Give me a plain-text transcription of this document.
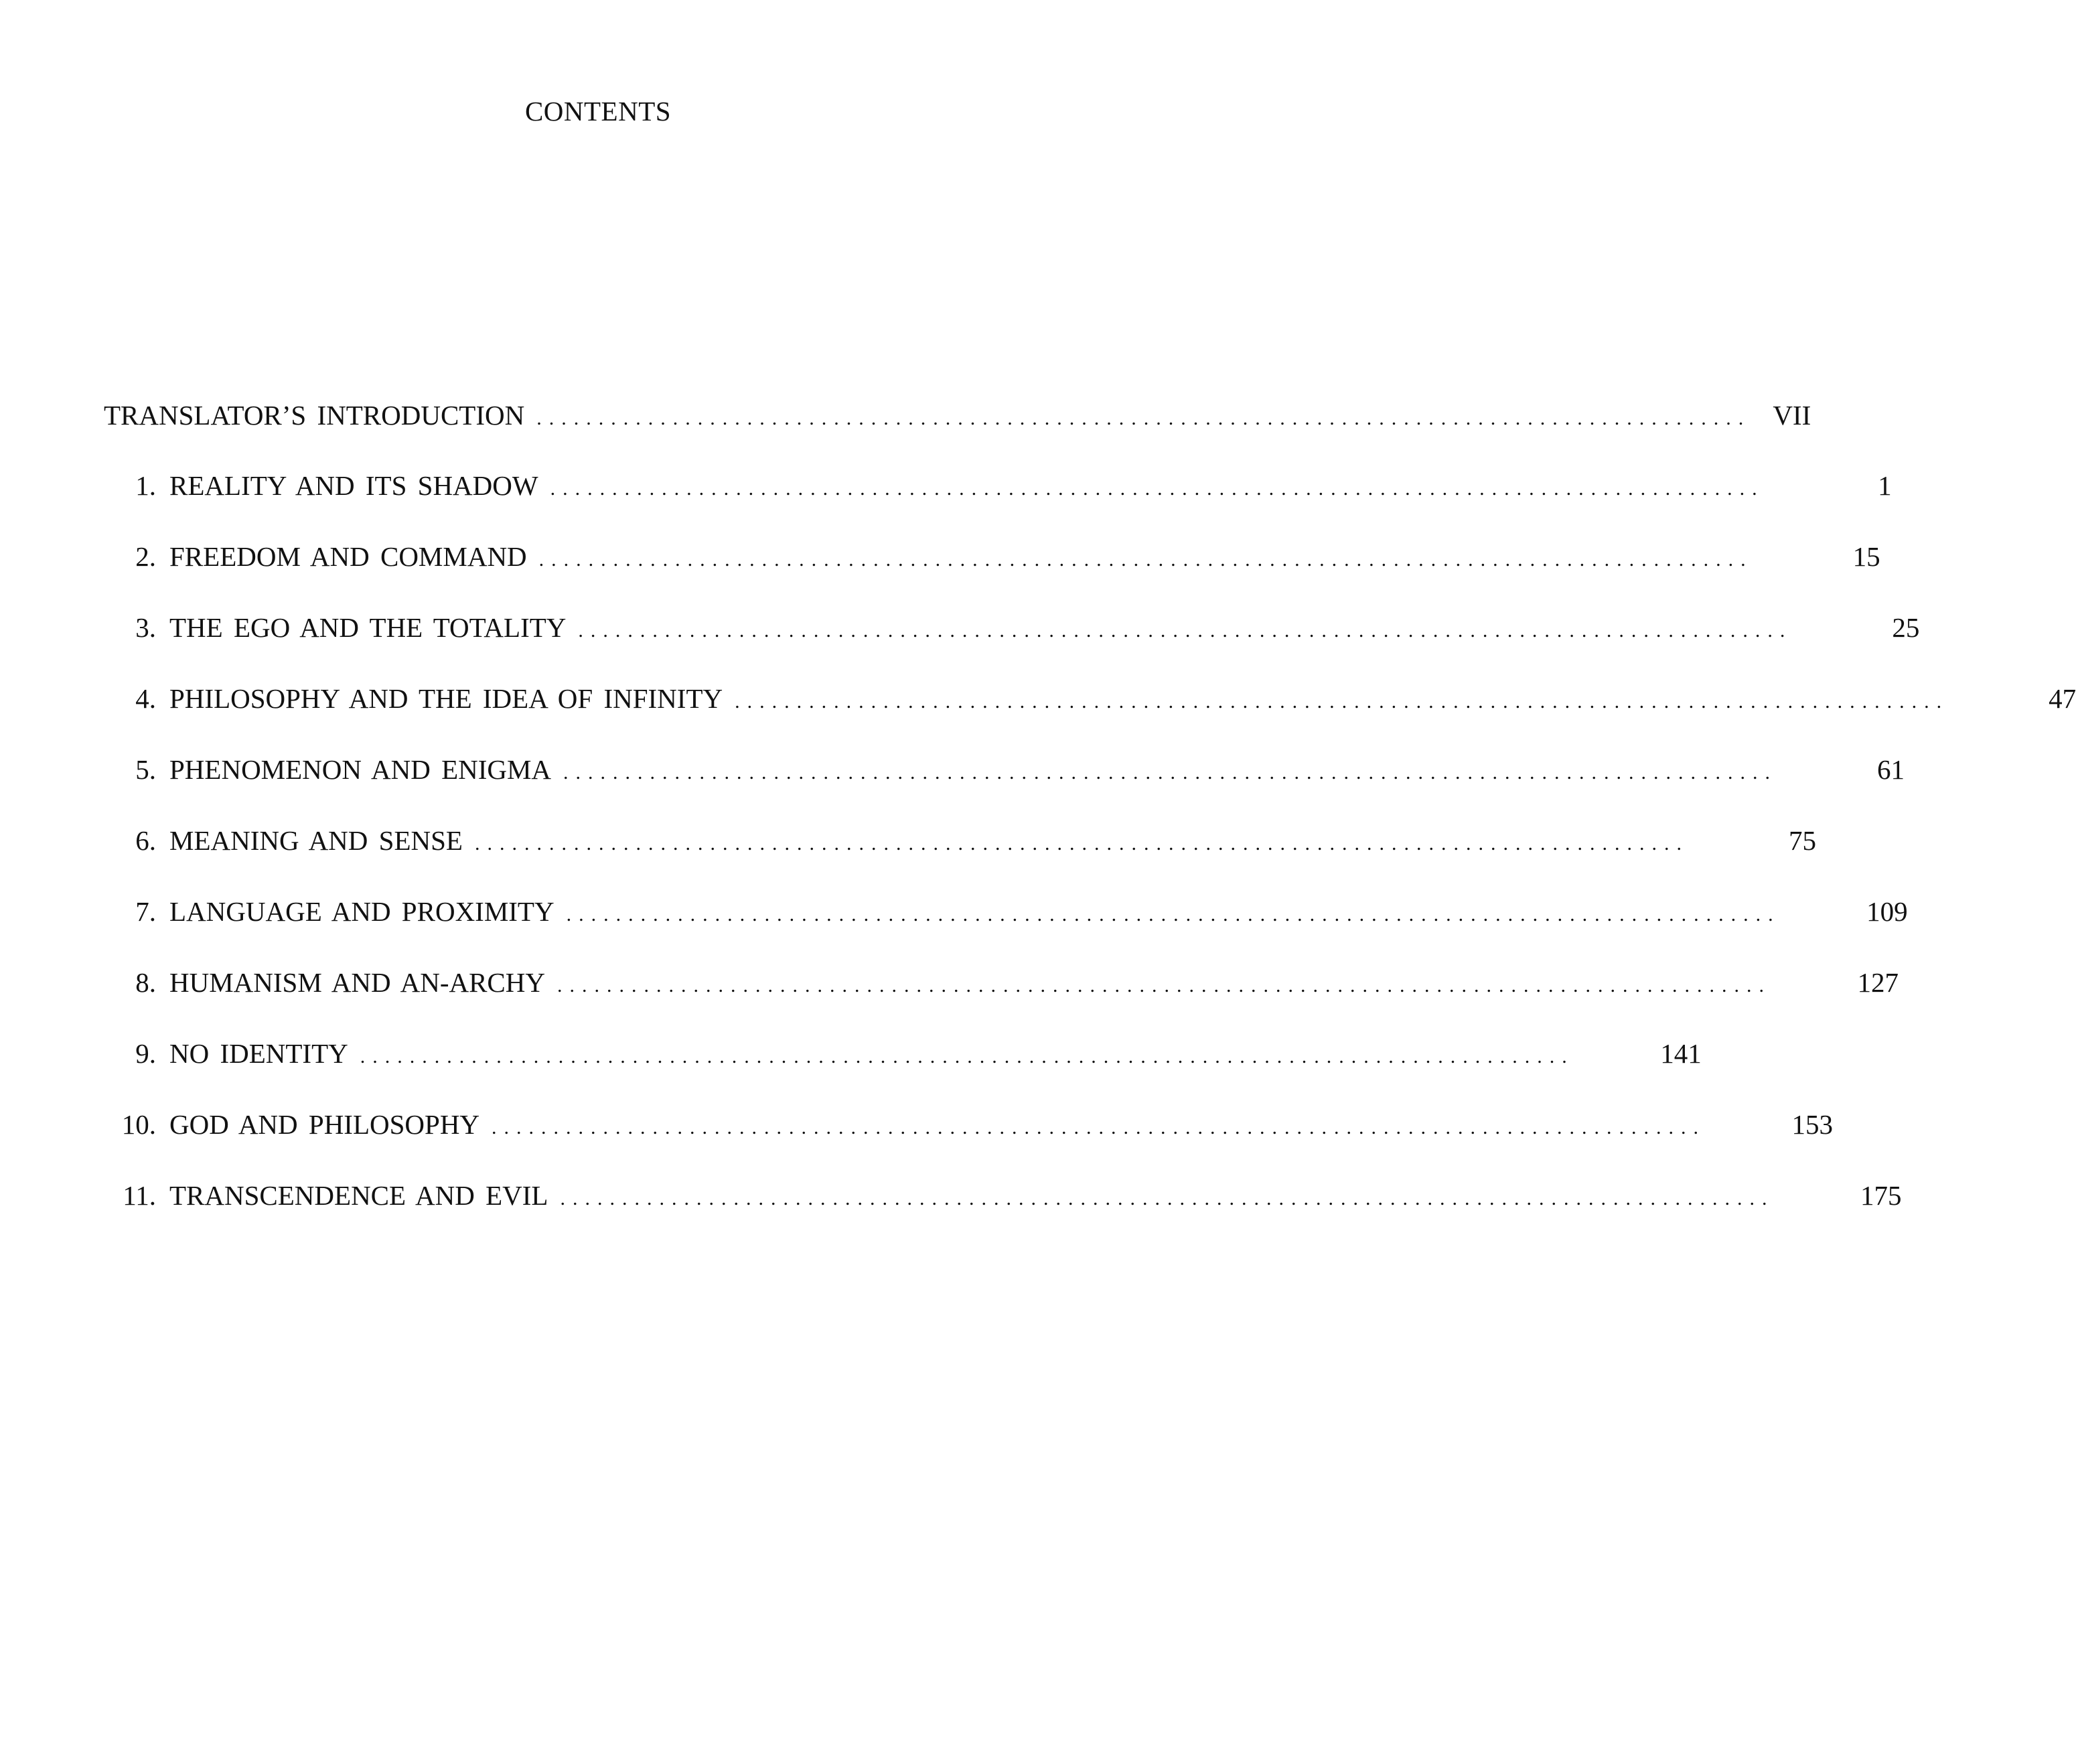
CONTENTS
TRANSLATOR’S INTRODUCTION .................................................................................................. VII
1. REALITY AND ITS SHADOW ..................................................................................................	1
2. FREEDOM AND COMMAND ..................................................................................................	15
3. THE EGO AND THE TOTALITY ..................................................................................................	25
4. PHILOSOPHY AND THE IDEA OF INFINITY ..................................................................................................	47
5. PHENOMENON AND ENIGMA ..................................................................................................	61
6. MEANING AND SENSE ..................................................................................................	75
7. LANGUAGE AND PROXIMITY ..................................................................................................	109
8. HUMANISM AND AN-ARCHY ..................................................................................................	127
9. NO IDENTITY ..................................................................................................	141
10. GOD AND PHILOSOPHY ..................................................................................................	153
11. TRANSCENDENCE AND EVIL ..................................................................................................	175
